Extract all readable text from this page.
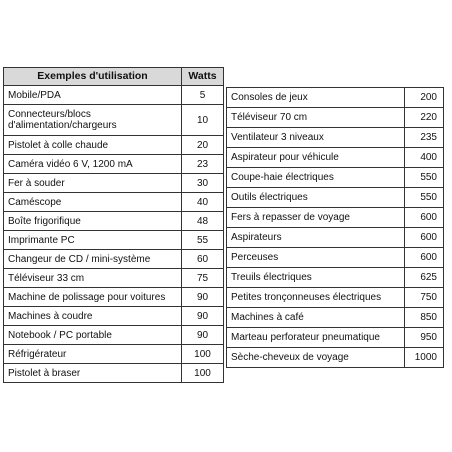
Exemples d'utilisation	Watts
Mobile/PDA	5
Connecteurs/blocs d'alimentation/chargeurs	10
Pistolet à colle chaude	20
Caméra vidéo 6 V, 1200 mA	23
Fer à souder	30
Caméscope	40
Boîte frigorifique	48
Imprimante PC	55
Changeur de CD / mini-système	60
Téléviseur 33 cm	75
Machine de polissage pour voitures	90
Machines à coudre	90
Notebook / PC portable	90
Réfrigérateur	100
Pistolet à braser	100
Consoles de jeux	200
Téléviseur 70 cm	220
Ventilateur 3 niveaux	235
Aspirateur pour véhicule	400
Coupe-haie électriques	550
Outils électriques	550
Fers à repasser de voyage	600
Aspirateurs	600
Perceuses	600
Treuils électriques	625
Petites tronçonneuses électriques	750
Machines à café	850
Marteau perforateur pneumatique	950
Sèche-cheveux de voyage	1000
